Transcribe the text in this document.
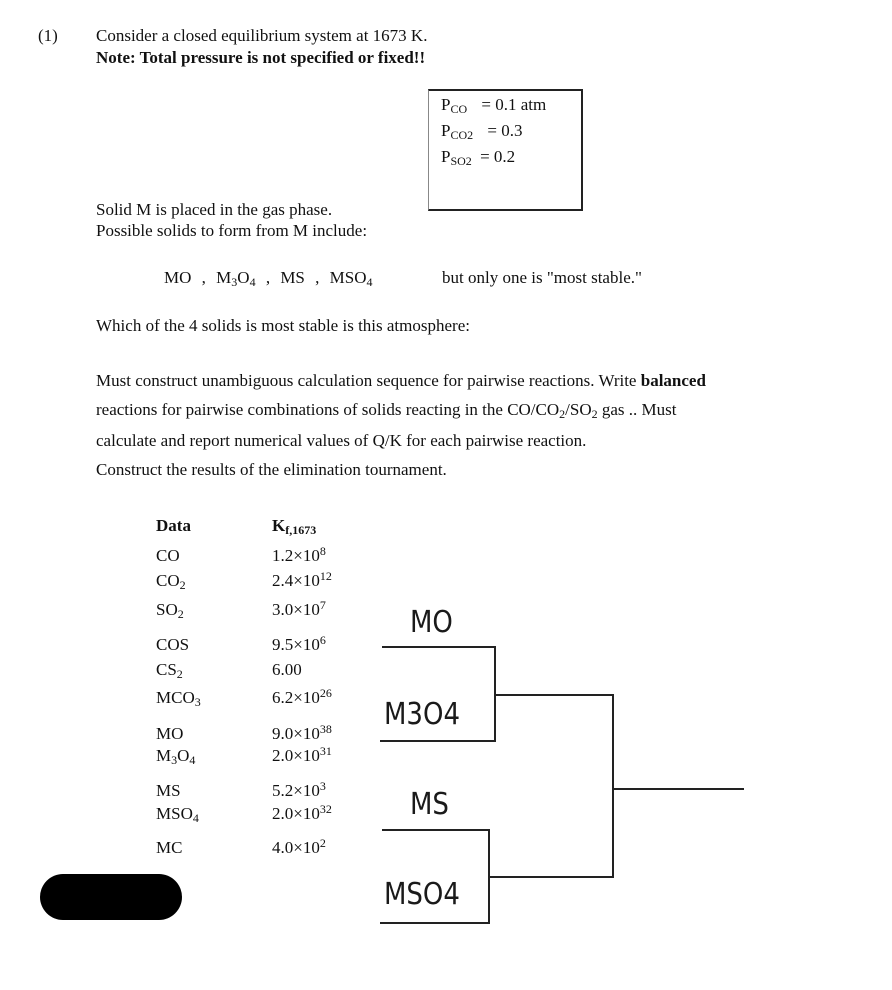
(1) Consider a closed equilibrium system at 1673 K.
Note: Total pressure is not specified or fixed!!
$P_{CO} = 0.1$ atm
$P_{CO2} = 0.3$
$P_{SO2} = 0.2$
Solid M is placed in the gas phase.
Possible solids to form from M include:
MO , $M_3O_4$ , MS , $MSO_4$	but only one is "most stable."
Which of the 4 solids is most stable is this atmosphere:
Must construct unambiguous calculation sequence for pairwise reactions. Write balanced
reactions for pairwise combinations of solids reacting in the $CO/CO_2/SO_2$ gas .. Must
calculate and report numerical values of Q/K for each pairwise reaction.
Construct the results of the elimination tournament.
Data	$K_{f,1673}$
CO	$1.2\times 10^8$
$CO_2$	$2.4\times 10^{12}$
$SO_2$	$3.0\times 10^7$
COS	$9.5\times 10^6$
$CS_2$	6.00
$MCO_3$	$6.2\times 10^{26}$
MO	$9.0\times 10^{38}$
$M_3O_4$	$2.0\times 10^{31}$
MS	$5.2\times 10^3$
$MSO_4$	$2.0\times 10^{32}$
MC	$4.0\times 10^2$
MO
M3O4
MS
MSO4
